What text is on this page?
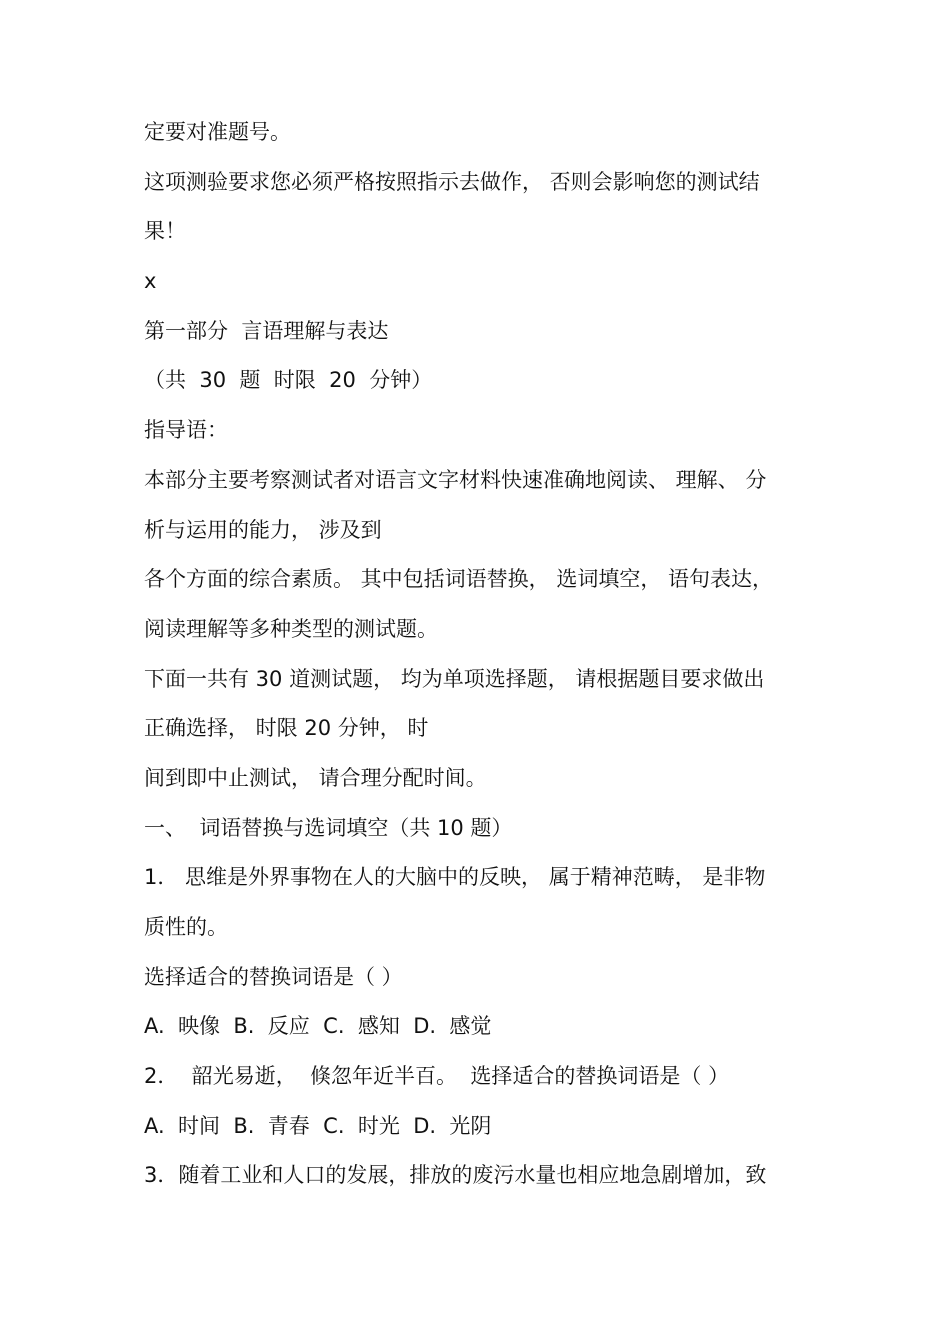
定要对准题号。
这项测验要求您必须严格按照指示去做作， 否则会影响您的测试结
果！
x
第一部分  言语理解与表达
（共  30  题  时限  20  分钟）
指导语：
本部分主要考察测试者对语言文字材料快速准确地阅读、 理解、 分
析与运用的能力， 涉及到
各个方面的综合素质。 其中包括词语替换， 选词填空， 语句表达，
阅读理解等多种类型的测试题。
下面一共有 30 道测试题， 均为单项选择题， 请根据题目要求做出
正确选择， 时限 20 分钟， 时
间到即中止测试， 请合理分配时间。
一、  词语替换与选词填空（共 10 题）
1． 思维是外界事物在人的大脑中的反映， 属于精神范畴， 是非物
质性的。
选择适合的替换词语是（ ）
A.  映像  B.  反应  C.  感知  D.  感觉
2．  韶光易逝，  倏忽年近半百。  选择适合的替换词语是（ ）
A.  时间  B.  青春  C.  时光  D.  光阴
3．随着工业和人口的发展，排放的废污水量也相应地急剧增加，致
